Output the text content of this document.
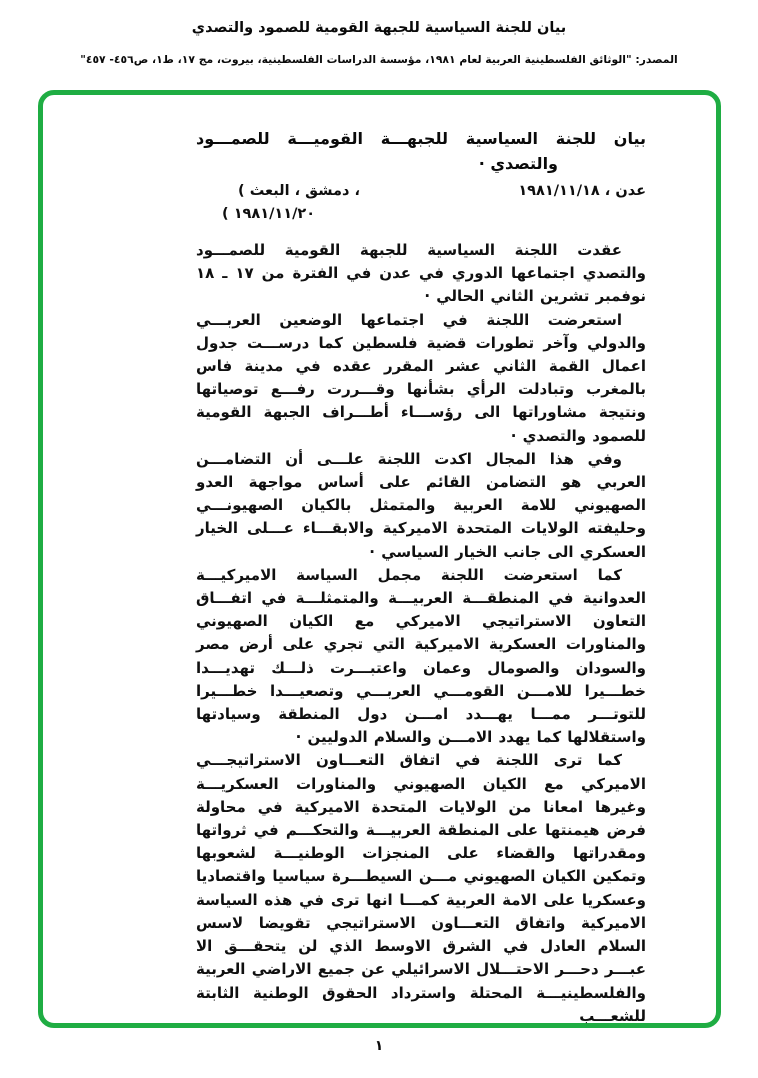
بيان للجنة السياسية للجبهة القومية للصمود والتصدي
المصدر: "الوثائق الفلسطينية العربية لعام ١٩٨١، مؤسسة الدراسات الفلسطينية، بيروت، مج ١٧، ط١، ص٤٥٦- ٤٥٧"
بيان للجنة السياسية للجبهـــة القوميـــة للصمـــود
والتصدي ·
عدن ، ١٩٨١/١١/١٨
( البعث‎ ، دمشق‎ ،
( ١٩٨١/١١/٢٠

عقدت اللجنة السياسية للجبهة القومية للصمـــود والتصدي اجتماعها الدوري في عدن في الفترة من ١٧ ـ ١٨ نوفمبر تشرين الثاني الحالي ·

استعرضت اللجنة في اجتماعها الوضعين العربـــي والدولي وآخر تطورات قضية فلسطين كما درســـت جدول اعمال القمة الثاني عشر المقرر عقده في مدينة فاس بالمغرب وتبادلت الرأي بشأنها وقـــررت رفـــع توصياتها ونتيجة مشاوراتها الى رؤســـاء أطـــراف الجبهة القومية للصمود والتصدي ·

وفي هذا المجال اكدت اللجنة علـــى أن التضامـــن العربي هو التضامن القائم على أساس مواجهة العدو الصهيوني للامة العربية والمتمثل بالكيان الصهيونـــي وحليفته الولايات المتحدة الاميركية والابقـــاء عـــلى الخيار العسكري الى جانب الخيار السياسي ·

كما استعرضت اللجنة مجمل السياسة الاميركيـــة العدوانية في المنطقـــة العربيـــة والمتمثلـــة في اتفـــاق التعاون الاستراتيجي الاميركي مع الكيان الصهيوني والمناورات العسكرية الاميركية التي تجري على أرض مصر والسودان والصومال وعمان واعتبـــرت ذلـــك تهديـــدا خطـــيرا للامـــن القومـــي العربـــي وتصعيـــدا خطـــيرا للتوتـــر ممـــا يهـــدد امـــن دول المنطقة وسيادتها واستقلالها كما يهدد الامـــن والسلام الدوليين ·

كما ترى اللجنة في اتفاق التعـــاون الاستراتيجـــي الاميركي مع الكيان الصهيوني والمناورات العسكريـــة وغيرها امعانا من الولايات المتحدة الاميركية في محاولة فرض هيمنتها على المنطقة العربيـــة والتحكـــم في ثرواتها ومقدراتها والقضاء على المنجزات الوطنيـــة لشعوبها وتمكين الكيان الصهيوني مـــن السيطـــرة سياسيا واقتصاديا وعسكريا على الامة العربية كمـــا انها ترى في هذه السياسة الاميركية واتفاق التعـــاون الاستراتيجي تقويضا لاسس السلام العادل في الشرق الاوسط الذي لن يتحقـــق الا عبـــر دحـــر الاحتـــلال الاسرائيلي عن جميع الاراضي العربية والفلسطينيـــة المحتلة واسترداد الحقوق الوطنية الثابتة للشعـــب

١
